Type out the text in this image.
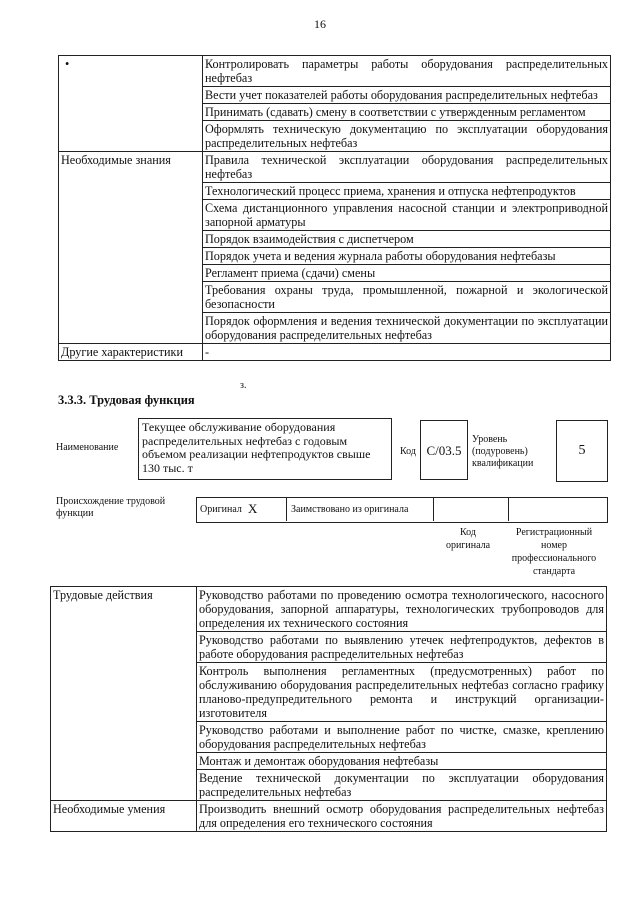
16
•	Контролировать параметры работы оборудования распределительных нефтебаз
	Вести учет показателей работы оборудования распределительных нефтебаз
	Принимать (сдавать) смену в соответствии с утвержденным регламентом
	Оформлять техническую документацию по эксплуатации оборудования распределительных нефтебаз
Необходимые знания	Правила технической эксплуатации оборудования распределительных нефтебаз
	Технологический процесс приема, хранения и отпуска нефтепродуктов
	Схема дистанционного управления насосной станции и электроприводной запорной арматуры
	Порядок взаимодействия с диспетчером
	Порядок учета и ведения журнала работы оборудования нефтебазы
	Регламент приема (сдачи) смены
	Требования охраны труда, промышленной, пожарной и экологической безопасности
	Порядок оформления и ведения технической документации по эксплуатации оборудования распределительных нефтебаз
Другие характеристики	-
з.
3.3.3. Трудовая функция
Наименование
Текущее обслуживание оборудования распределительных нефтебаз с годовым объемом реализации нефтепродуктов свыше 130 тыс. т
Код C/03.5
Уровень (подуровень) квалификации
5
Происхождение трудовой функции	Оригинал X	Заимствовано из оригинала
Код оригинала
Регистрационный номер профессионального стандарта
Трудовые действия	Руководство работами по проведению осмотра технологического, насосного оборудования, запорной аппаратуры, технологических трубопроводов для определения их технического состояния
	Руководство работами по выявлению утечек нефтепродуктов, дефектов в работе оборудования распределительных нефтебаз
	Контроль выполнения регламентных (предусмотренных) работ по обслуживанию оборудования распределительных нефтебаз согласно графику планово-предупредительного ремонта и инструкций организации-изготовителя
	Руководство работами и выполнение работ по чистке, смазке, креплению оборудования распределительных нефтебаз
	Монтаж и демонтаж оборудования нефтебазы
	Ведение технической документации по эксплуатации оборудования распределительных нефтебаз
Необходимые умения	Производить внешний осмотр оборудования распределительных нефтебаз для определения его технического состояния
